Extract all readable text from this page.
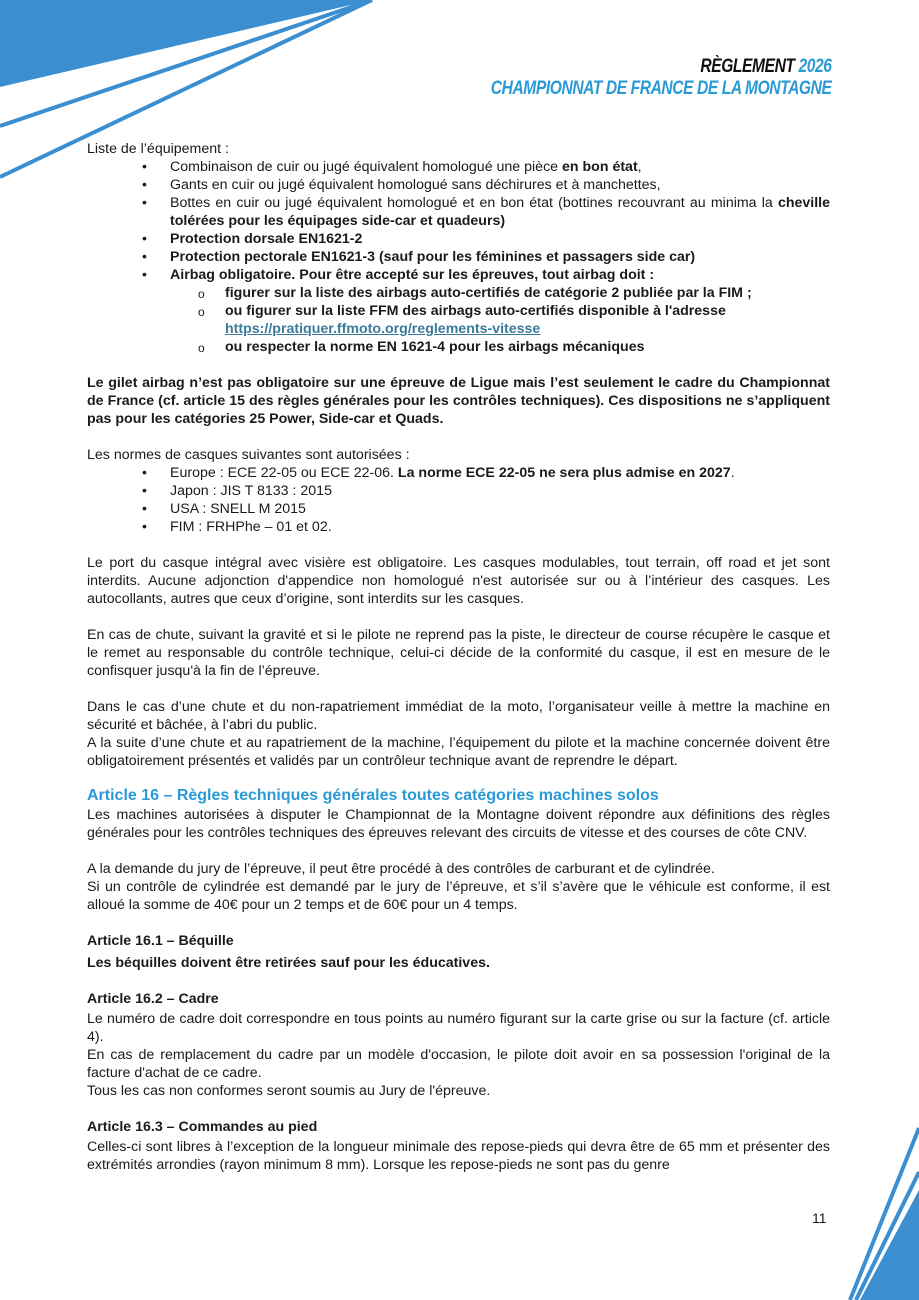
RÈGLEMENT 2026
CHAMPIONNAT DE FRANCE DE LA MONTAGNE

Liste de l’équipement :

• Combinaison de cuir ou jugé équivalent homologué une pièce en bon état,
• Gants en cuir ou jugé équivalent homologué sans déchirures et à manchettes,
• Bottes en cuir ou jugé équivalent homologué et en bon état (bottines recouvrant au minima la cheville tolérées pour les équipages side-car et quadeurs)
• Protection dorsale EN1621-2
• Protection pectorale EN1621-3 (sauf pour les féminines et passagers side car)
• Airbag obligatoire. Pour être accepté sur les épreuves, tout airbag doit :
o figurer sur la liste des airbags auto-certifiés de catégorie 2 publiée par la FIM ;
o ou figurer sur la liste FFM des airbags auto-certifiés disponible à l'adresse
https://pratiquer.ffmoto.org/reglements-vitesse
o ou respecter la norme EN 1621-4 pour les airbags mécaniques

Le gilet airbag n’est pas obligatoire sur une épreuve de Ligue mais l’est seulement le cadre du Championnat de France (cf. article 15 des règles générales pour les contrôles techniques). Ces dispositions ne s’appliquent pas pour les catégories 25 Power, Side-car et Quads.

Les normes de casques suivantes sont autorisées :

• Europe : ECE 22-05 ou ECE 22-06. La norme ECE 22-05 ne sera plus admise en 2027.
• Japon : JIS T 8133 : 2015
• USA : SNELL M 2015
• FIM : FRHPhe – 01 et 02.

Le port du casque intégral avec visière est obligatoire. Les casques modulables, tout terrain, off road et jet sont interdits. Aucune adjonction d'appendice non homologué n'est autorisée sur ou à l’intérieur des casques. Les autocollants, autres que ceux d’origine, sont interdits sur les casques.

En cas de chute, suivant la gravité et si le pilote ne reprend pas la piste, le directeur de course récupère le casque et le remet au responsable du contrôle technique, celui-ci décide de la conformité du casque, il est en mesure de le confisquer jusqu'à la fin de l’épreuve.

Dans le cas d’une chute et du non-rapatriement immédiat de la moto, l’organisateur veille à mettre la machine en sécurité et bâchée, à l’abri du public.

A la suite d’une chute et au rapatriement de la machine, l’équipement du pilote et la machine concernée doivent être obligatoirement présentés et validés par un contrôleur technique avant de reprendre le départ.

Article 16 – Règles techniques générales toutes catégories machines solos

Les machines autorisées à disputer le Championnat de la Montagne doivent répondre aux définitions des règles générales pour les contrôles techniques des épreuves relevant des circuits de vitesse et des courses de côte CNV.

A la demande du jury de l’épreuve, il peut être procédé à des contrôles de carburant et de cylindrée.

Si un contrôle de cylindrée est demandé par le jury de l’épreuve, et s’il s’avère que le véhicule est conforme, il est alloué la somme de 40€ pour un 2 temps et de 60€ pour un 4 temps.

Article 16.1 – Béquille

Les béquilles doivent être retirées sauf pour les éducatives.

Article 16.2 – Cadre

Le numéro de cadre doit correspondre en tous points au numéro figurant sur la carte grise ou sur la facture (cf. article 4).

En cas de remplacement du cadre par un modèle d'occasion, le pilote doit avoir en sa possession l'original de la facture d'achat de ce cadre.

Tous les cas non conformes seront soumis au Jury de l'épreuve.

Article 16.3 – Commandes au pied

Celles-ci sont libres à l’exception de la longueur minimale des repose-pieds qui devra être de 65 mm et présenter des extrémités arrondies (rayon minimum 8 mm). Lorsque les repose-pieds ne sont pas du genre

11
